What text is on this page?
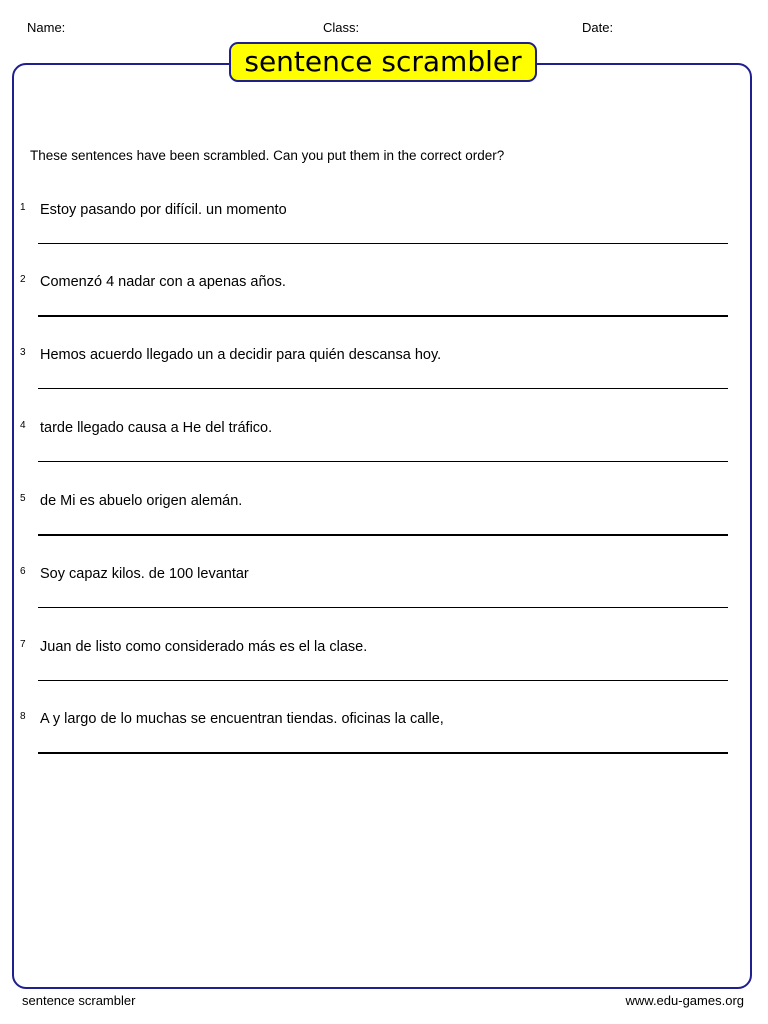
Name:	Class:	Date:
sentence scrambler
These sentences have been scrambled. Can you put them in the correct order?
1 Estoy pasando por difícil. un momento
2 Comenzó 4 nadar con a apenas años.
3 Hemos acuerdo llegado un a decidir para quién descansa hoy.
4 tarde llegado causa a He del tráfico.
5 de Mi es abuelo origen alemán.
6 Soy capaz kilos. de 100 levantar
7 Juan de listo como considerado más es el la clase.
8 A y largo de lo muchas se encuentran tiendas. oficinas la calle,
sentence scrambler	www.edu-games.org
